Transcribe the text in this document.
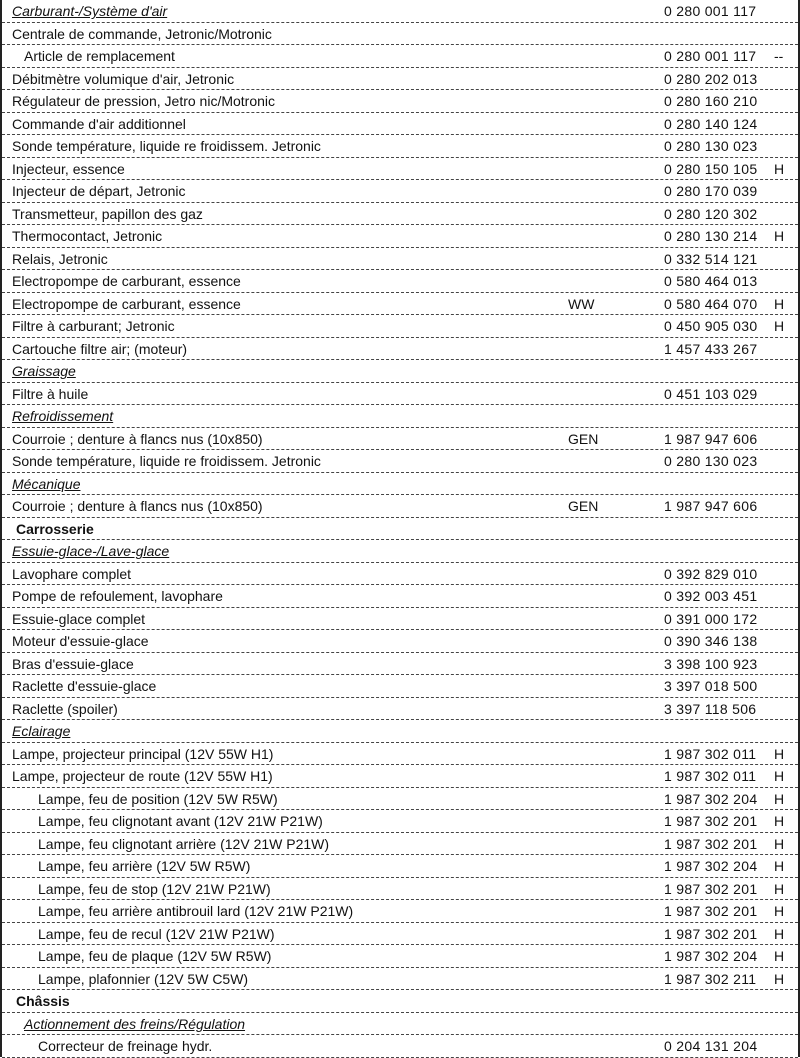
Carburant-/Système d'air	0 280 001 117
Centrale de commande, Jetronic/Motronic
Article de remplacement	0 280 001 117 --
Débitmètre volumique d'air, Jetronic	0 280 202 013
Régulateur de pression, Jetro nic/Motronic	0 280 160 210
Commande d'air additionnel	0 280 140 124
Sonde température, liquide re froidissem. Jetronic	0 280 130 023
Injecteur, essence	0 280 150 105 H
Injecteur de départ, Jetronic	0 280 170 039
Transmetteur, papillon des gaz	0 280 120 302
Thermocontact, Jetronic	0 280 130 214 H
Relais, Jetronic	0 332 514 121
Electropompe de carburant, essence	0 580 464 013
Electropompe de carburant, essence	WW	0 580 464 070 H
Filtre à carburant; Jetronic	0 450 905 030 H
Cartouche filtre air; (moteur)	1 457 433 267
Graissage
Filtre à huile	0 451 103 029
Refroidissement
Courroie ; denture à flancs nus (10x850)	GEN	1 987 947 606
Sonde température, liquide re froidissem. Jetronic	0 280 130 023
Mécanique
Courroie ; denture à flancs nus (10x850)	GEN	1 987 947 606
Carrosserie
Essuie-glace-/Lave-glace
Lavophare complet	0 392 829 010
Pompe de refoulement, lavophare	0 392 003 451
Essuie-glace complet	0 391 000 172
Moteur d'essuie-glace	0 390 346 138
Bras d'essuie-glace	3 398 100 923
Raclette d'essuie-glace	3 397 018 500
Raclette (spoiler)	3 397 118 506
Eclairage
Lampe, projecteur principal (12V 55W H1)	1 987 302 011 H
Lampe, projecteur de route (12V 55W H1)	1 987 302 011 H
Lampe, feu de position (12V 5W R5W)	1 987 302 204 H
Lampe, feu clignotant avant (12V 21W P21W)	1 987 302 201 H
Lampe, feu clignotant arrière (12V 21W P21W)	1 987 302 201 H
Lampe, feu arrière (12V 5W R5W)	1 987 302 204 H
Lampe, feu de stop (12V 21W P21W)	1 987 302 201 H
Lampe, feu arrière antibrouil lard (12V 21W P21W)	1 987 302 201 H
Lampe, feu de recul (12V 21W P21W)	1 987 302 201 H
Lampe, feu de plaque (12V 5W R5W)	1 987 302 204 H
Lampe, plafonnier (12V 5W C5W)	1 987 302 211 H
Châssis
Actionnement des freins/Régulation
Correcteur de freinage hydr.	0 204 131 204
